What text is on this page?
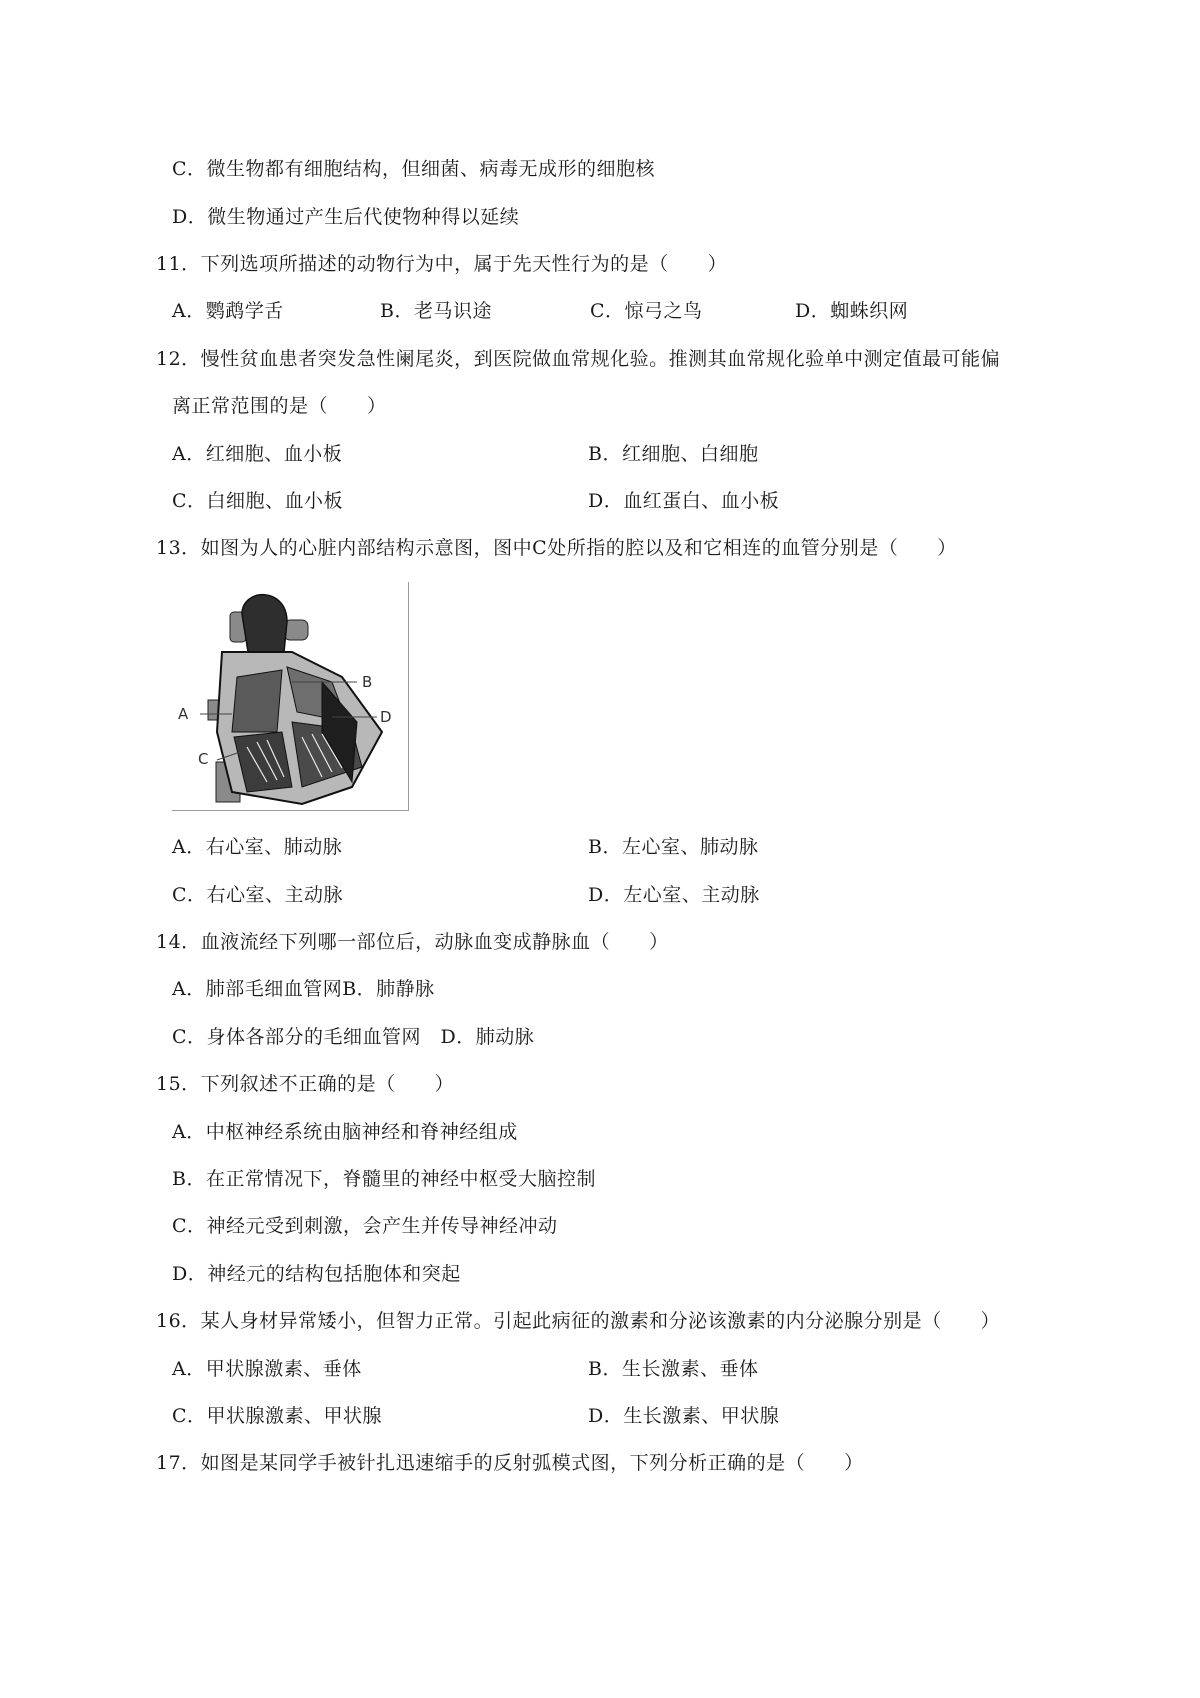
C．微生物都有细胞结构，但细菌、病毒无成形的细胞核
D．微生物通过产生后代使物种得以延续
11．下列选项所描述的动物行为中，属于先天性行为的是（　　）
A．鹦鹉学舌	B．老马识途	C．惊弓之鸟	D．蜘蛛织网
12．慢性贫血患者突发急性阑尾炎，到医院做血常规化验。推测其血常规化验单中测定值最可能偏
离正常范围的是（　　）
A．红细胞、血小板	B．红细胞、白细胞
C．白细胞、血小板	D．血红蛋白、血小板
13．如图为人的心脏内部结构示意图，图中C处所指的腔以及和它相连的血管分别是（　　）
B
A	D
C
A．右心室、肺动脉	B．左心室、肺动脉
C．右心室、主动脉	D．左心室、主动脉
14．血液流经下列哪一部位后，动脉血变成静脉血（　　）
A．肺部毛细血管网B．肺静脉
C．身体各部分的毛细血管网　D．肺动脉
15．下列叙述不正确的是（　　）
A．中枢神经系统由脑神经和脊神经组成
B．在正常情况下，脊髓里的神经中枢受大脑控制
C．神经元受到刺激，会产生并传导神经冲动
D．神经元的结构包括胞体和突起
16．某人身材异常矮小，但智力正常。引起此病征的激素和分泌该激素的内分泌腺分别是（　　）
A．甲状腺激素、垂体	B．生长激素、垂体
C．甲状腺激素、甲状腺	D．生长激素、甲状腺
17．如图是某同学手被针扎迅速缩手的反射弧模式图，下列分析正确的是（　　）
